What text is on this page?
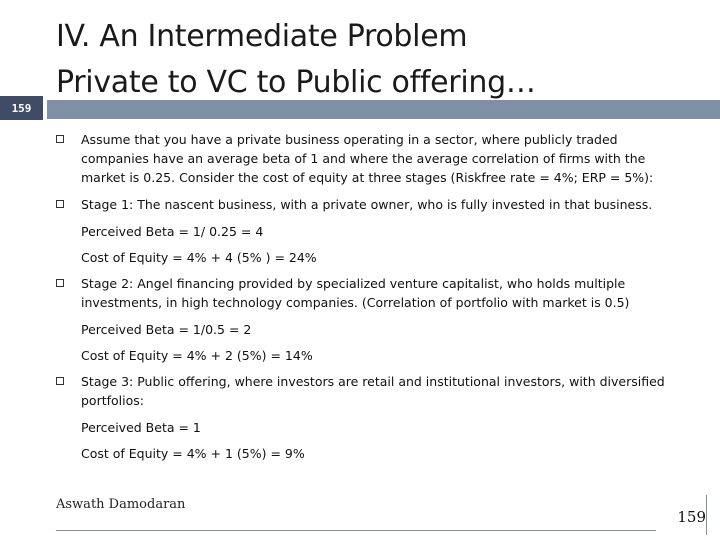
IV. An Intermediate Problem
Private to VC to Public offering…
159
Assume that you have a private business operating in a sector, where publicly traded companies have an average beta of 1 and where the average correlation of firms with the market is 0.25. Consider the cost of equity at three stages (Riskfree rate = 4%; ERP = 5%):
Stage 1: The nascent business, with a private owner, who is fully invested in that business.
Perceived Beta = 1/ 0.25 = 4
Cost of Equity = 4% + 4 (5% ) = 24%
Stage 2: Angel financing provided by specialized venture capitalist, who holds multiple investments, in high technology companies. (Correlation of portfolio with market is 0.5)
Perceived Beta = 1/0.5 = 2
Cost of Equity = 4% + 2 (5%) = 14%
Stage 3: Public offering, where investors are retail and institutional investors, with diversified portfolios:
Perceived Beta = 1
Cost of Equity = 4% + 1 (5%) = 9%
Aswath Damodaran
159
